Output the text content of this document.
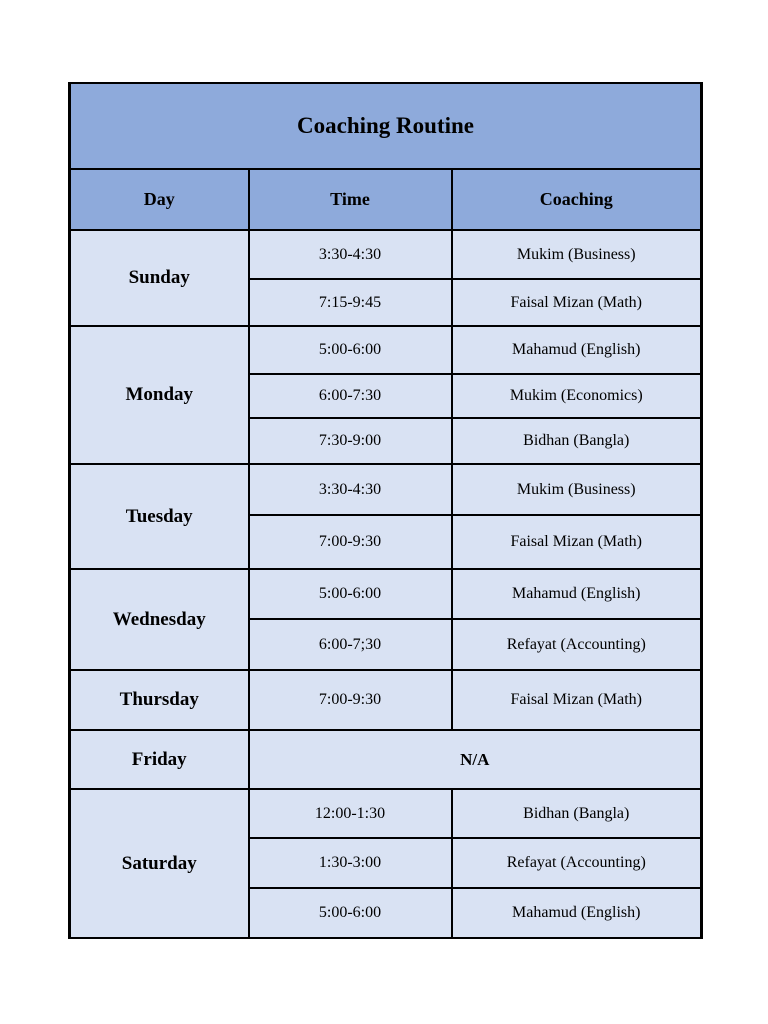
Coaching Routine		
Day	Time	Coaching
Sunday	3:30-4:30	Mukim (Business)
	7:15-9:45	Faisal Mizan (Math)
Monday	5:00-6:00	Mahamud (English)
	6:00-7:30	Mukim (Economics)
	7:30-9:00	Bidhan (Bangla)
Tuesday	3:30-4:30	Mukim (Business)
	7:00-9:30	Faisal Mizan (Math)
Wednesday	5:00-6:00	Mahamud (English)
	6:00-7;30	Refayat (Accounting)
Thursday	7:00-9:30	Faisal Mizan (Math)
Friday	N/A	
Saturday	12:00-1:30	Bidhan (Bangla)
	1:30-3:00	Refayat (Accounting)
	5:00-6:00	Mahamud (English)
